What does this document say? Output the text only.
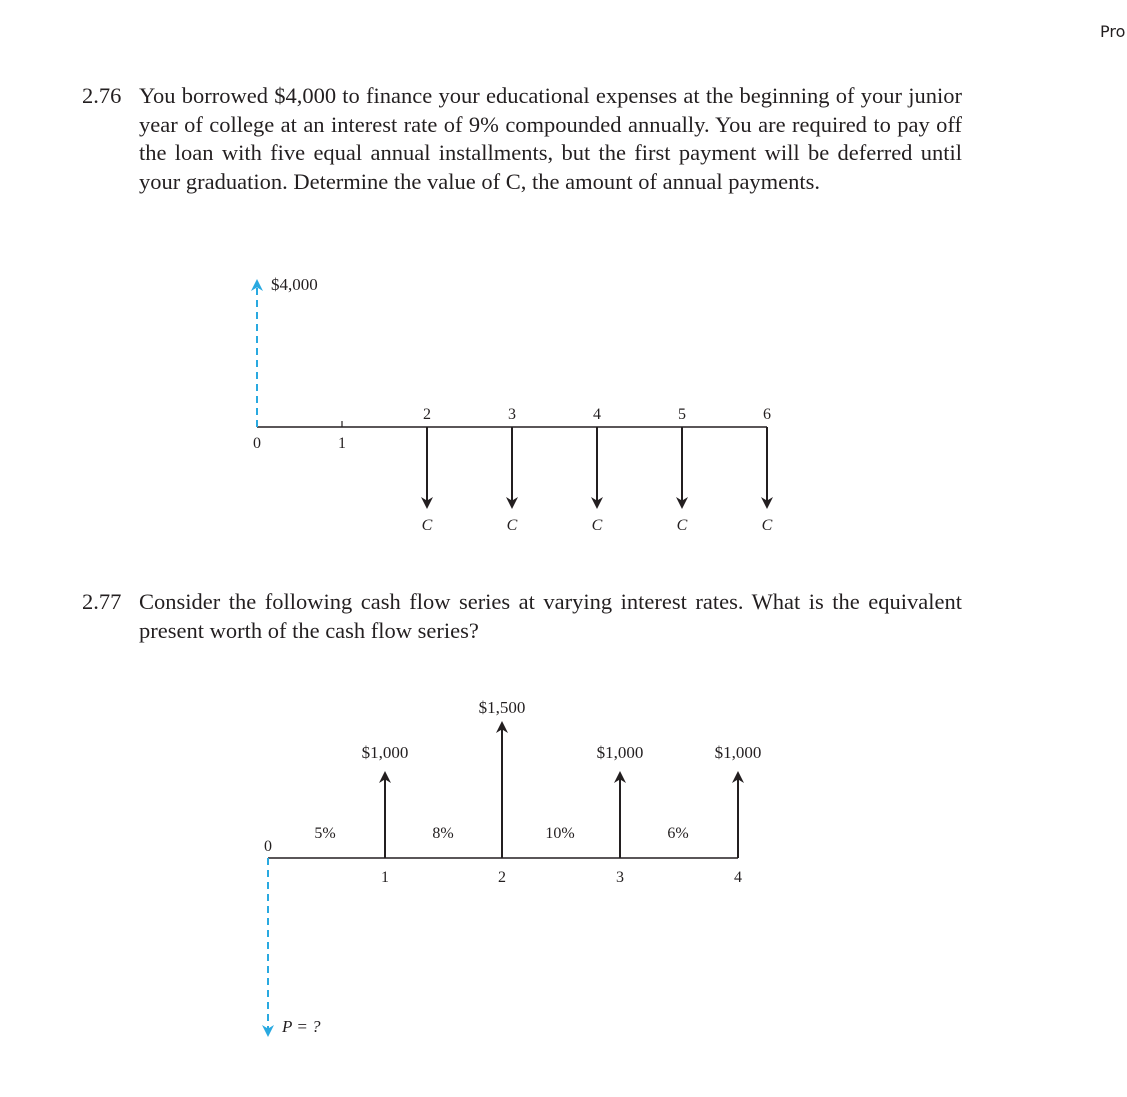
Pro
2.76 You borrowed $4,000 to finance your educational expenses at the beginning of your junior year of college at an interest rate of 9% compounded annually. You are required to pay off the loan with five equal annual installments, but the first payment will be deferred until your graduation. Determine the value of C, the amount of annual payments.
2.77 Consider the following cash flow series at varying interest rates. What is the equivalent present worth of the cash flow series?
$4,000
0	1
2	3	4	5	6
C	C	C	C	C
P = ?
0
1	2	3	4
5%	8%	10%	6%
$1,000
$1,500
$1,000	$1,000
